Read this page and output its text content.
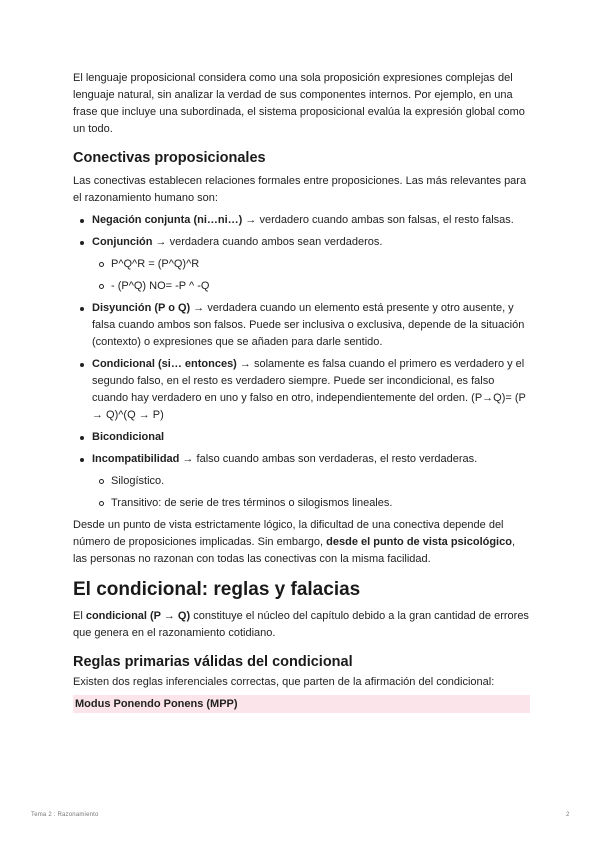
El lenguaje proposicional considera como una sola proposición expresiones complejas del lenguaje natural, sin analizar la verdad de sus componentes internos. Por ejemplo, en una frase que incluye una subordinada, el sistema proposicional evalúa la expresión global como un todo.

Conectivas proposicionales

Las conectivas establecen relaciones formales entre proposiciones. Las más relevantes para el razonamiento humano son:

Negación conjunta (ni…ni…) → verdadero cuando ambas son falsas, el resto falsas.
Conjunción → verdadera cuando ambos sean verdaderos.
P^Q^R = (P^Q)^R
- (P^Q) NO= -P ^ -Q
Disyunción (P o Q) → verdadera cuando un elemento está presente y otro ausente, y falsa cuando ambos son falsos. Puede ser inclusiva o exclusiva, depende de la situación (contexto) o expresiones que se añaden para darle sentido.
Condicional (si… entonces) → solamente es falsa cuando el primero es verdadero y el segundo falso, en el resto es verdadero siempre. Puede ser incondicional, es falso cuando hay verdadero en uno y falso en otro, independientemente del orden. (P→Q)= (P → Q)^(Q → P)
Bicondicional
Incompatibilidad → falso cuando ambas son verdaderas, el resto verdaderas.
Silogístico.
Transitivo: de serie de tres términos o silogismos lineales.

Desde un punto de vista estrictamente lógico, la dificultad de una conectiva depende del número de proposiciones implicadas. Sin embargo, desde el punto de vista psicológico, las personas no razonan con todas las conectivas con la misma facilidad.

El condicional: reglas y falacias

El condicional (P → Q) constituye el núcleo del capítulo debido a la gran cantidad de errores que genera en el razonamiento cotidiano.

Reglas primarias válidas del condicional

Existen dos reglas inferenciales correctas, que parten de la afirmación del condicional:

Modus Ponendo Ponens (MPP)
Tema 2 : Razonamiento	2
